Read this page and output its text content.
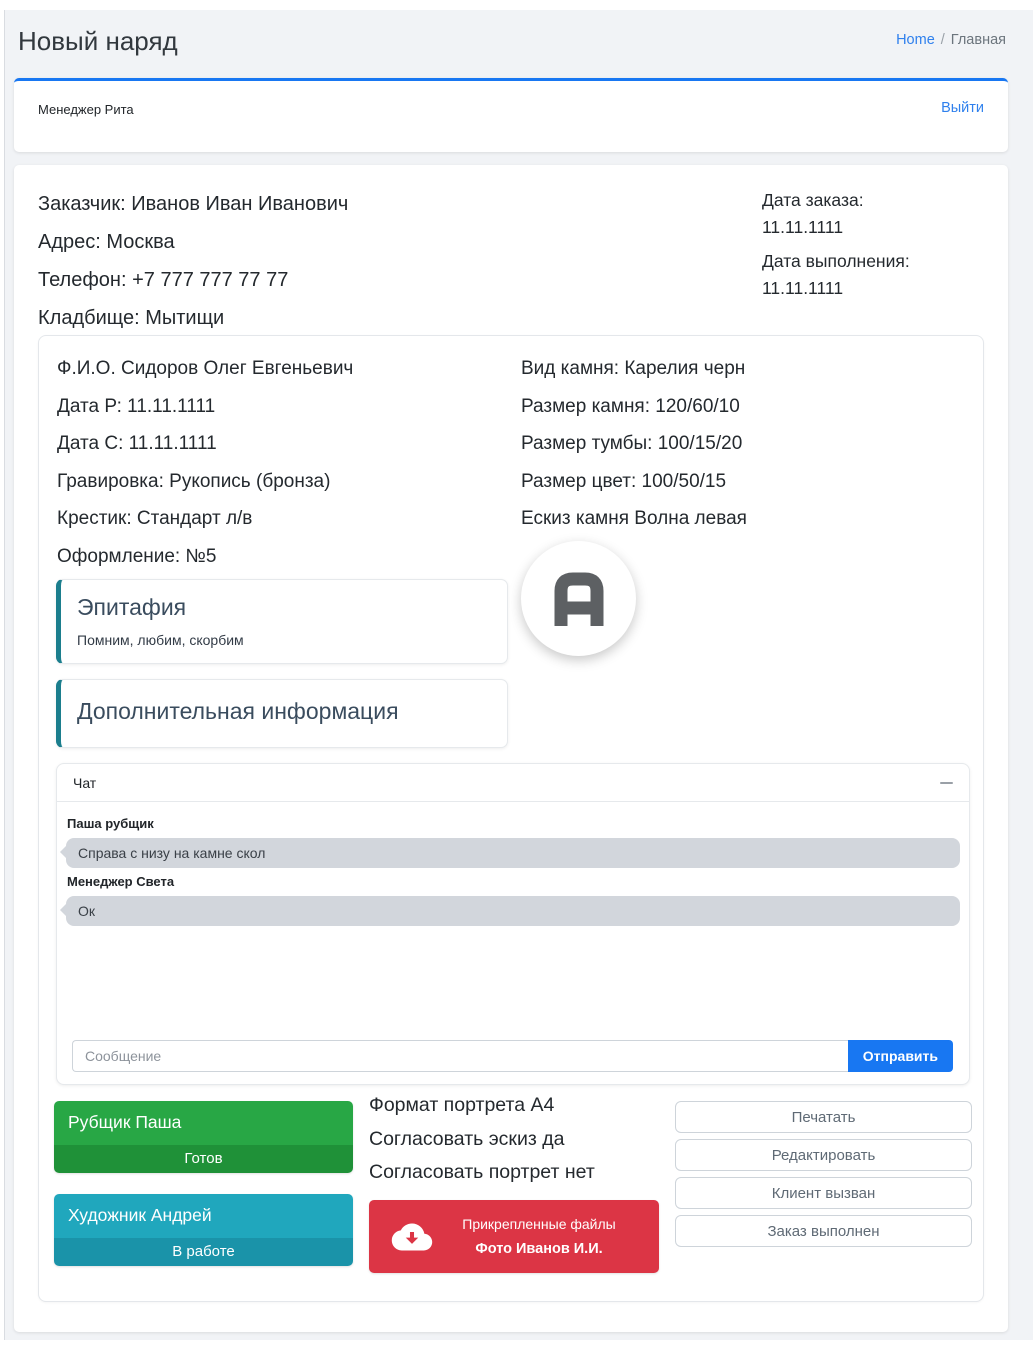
Новый наряд	Home / Главная
Менеджер Рита	Выйти
Заказчик: Иванов Иван Иванович
Адрес: Москва
Телефон: +7 777 777 77 77
Кладбище: Мытищи
Дата заказа:
11.11.1111
Дата выполнения:
11.11.1111
Ф.И.О. Сидоров Олег Евгеньевич
Дата Р: 11.11.1111
Дата С: 11.11.1111
Гравировка: Рукопись (бронза)
Крестик: Стандарт л/в
Оформление: №5
Вид камня: Карелия черн
Размер камня: 120/60/10
Размер тумбы: 100/15/20
Размер цвет: 100/50/15
Ескиз камня Волна левая
Эпитафия
Помним, любим, скорбим
Дополнительная информация
Чат
Паша рубщик
Справа с низу на камне скол
Менеджер Света
Ок
Сообщение
Отправить
Рубщик Паша
Готов
Художник Андрей
В работе
Формат портрета А4
Согласовать эскиз да
Согласовать портрет нет
Прикрепленные файлы
Фото Иванов И.И.
Печатать
Редактировать
Клиент вызван
Заказ выполнен
